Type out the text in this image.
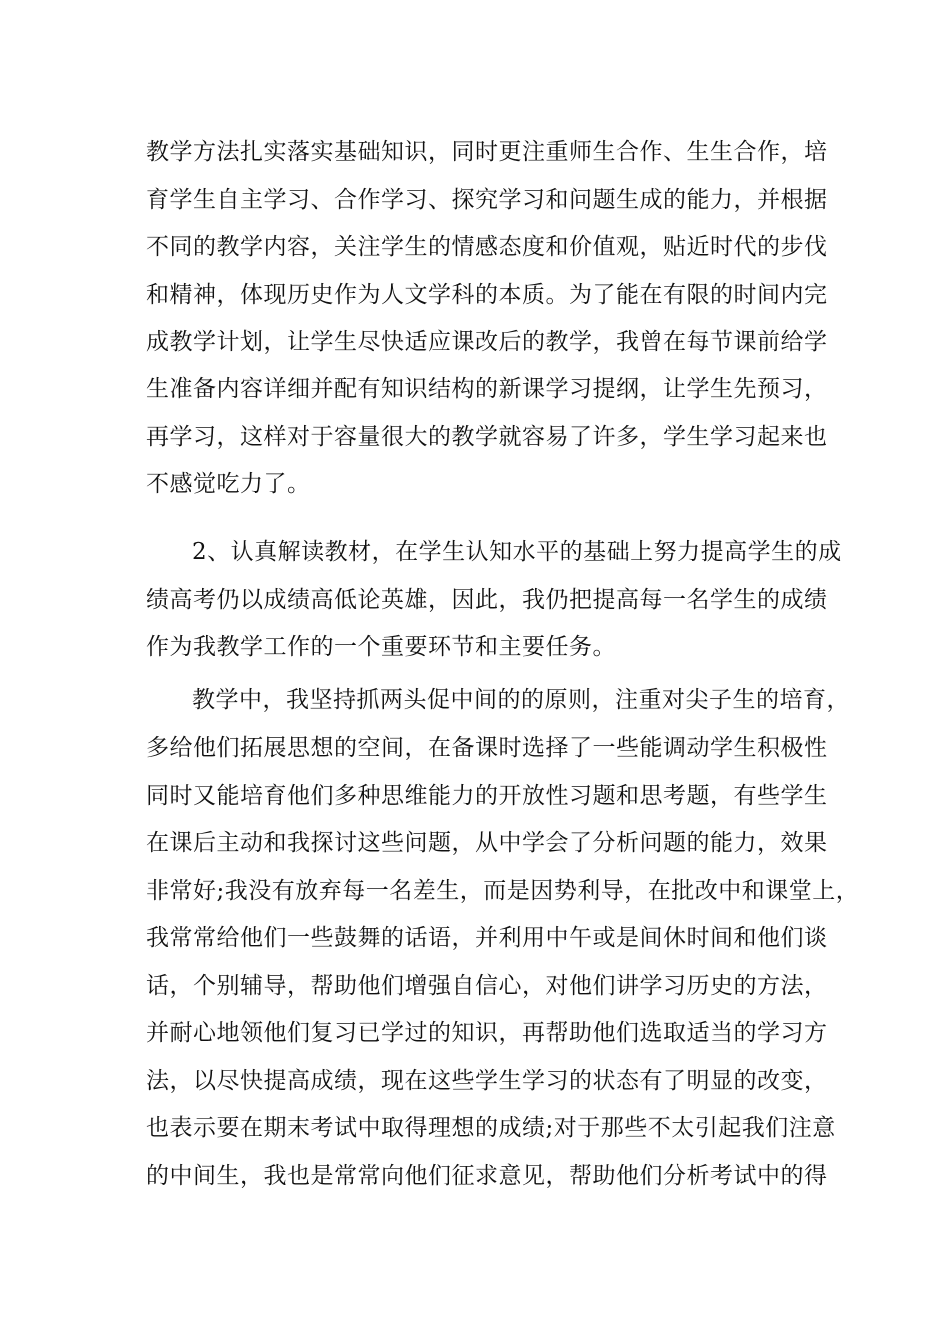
教学方法扎实落实基础知识，同时更注重师生合作、生生合作，培
育学生自主学习、合作学习、探究学习和问题生成的能力，并根据
不同的教学内容，关注学生的情感态度和价值观，贴近时代的步伐
和精神，体现历史作为人文学科的本质。为了能在有限的时间内完
成教学计划，让学生尽快适应课改后的教学，我曾在每节课前给学
生准备内容详细并配有知识结构的新课学习提纲，让学生先预习，
再学习，这样对于容量很大的教学就容易了许多，学生学习起来也
不感觉吃力了。
2、认真解读教材，在学生认知水平的基础上努力提高学生的成
绩高考仍以成绩高低论英雄，因此，我仍把提高每一名学生的成绩
作为我教学工作的一个重要环节和主要任务。
教学中，我坚持抓两头促中间的的原则，注重对尖子生的培育，
多给他们拓展思想的空间，在备课时选择了一些能调动学生积极性
同时又能培育他们多种思维能力的开放性习题和思考题，有些学生
在课后主动和我探讨这些问题，从中学会了分析问题的能力，效果
非常好;我没有放弃每一名差生，而是因势利导，在批改中和课堂上，
我常常给他们一些鼓舞的话语，并利用中午或是间休时间和他们谈
话，个别辅导，帮助他们增强自信心，对他们讲学习历史的方法，
并耐心地领他们复习已学过的知识，再帮助他们选取适当的学习方
法，以尽快提高成绩，现在这些学生学习的状态有了明显的改变，
也表示要在期末考试中取得理想的成绩;对于那些不太引起我们注意
的中间生，我也是常常向他们征求意见，帮助他们分析考试中的得
